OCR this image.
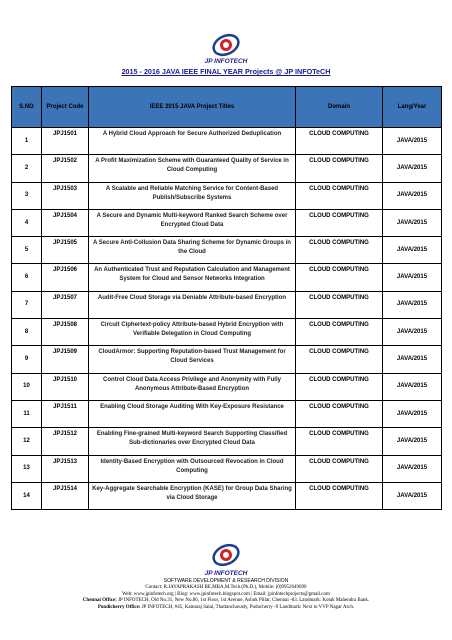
JP INFOTECH
2015 - 2016 JAVA IEEE FINAL YEAR Projects @ JP INFOTeCH
S.NO	Project Code	IEEE 2015 JAVA Project Titles	Domain	Lang/Year
1	JPJ1501	A Hybrid Cloud Approach for Secure Authorized Deduplication	CLOUD COMPUTING	JAVA/2015
2	JPJ1502	A Profit Maximization Scheme with Guaranteed Quality of Service in Cloud Computing	CLOUD COMPUTING	JAVA/2015
3	JPJ1503	A Scalable and Reliable Matching Service for Content-Based Publish/Subscribe Systems	CLOUD COMPUTING	JAVA/2015
4	JPJ1504	A Secure and Dynamic Multi-keyword Ranked Search Scheme over Encrypted Cloud Data	CLOUD COMPUTING	JAVA/2015
5	JPJ1505	A Secure Anti-Collusion Data Sharing Scheme for Dynamic Groups in the Cloud	CLOUD COMPUTING	JAVA/2015
6	JPJ1506	An Authenticated Trust and Reputation Calculation and Management System for Cloud and Sensor Networks Integration	CLOUD COMPUTING	JAVA/2015
7	JPJ1507	Audit-Free Cloud Storage via Deniable Attribute-based Encryption	CLOUD COMPUTING	JAVA/2015
8	JPJ1508	Circuit Ciphertext-policy Attribute-based Hybrid Encryption with Verifiable Delegation in Cloud Computing	CLOUD COMPUTING	JAVA/2015
9	JPJ1509	CloudArmor: Supporting Reputation-based Trust Management for Cloud Services	CLOUD COMPUTING	JAVA/2015
10	JPJ1510	Control Cloud Data Access Privilege and Anonymity with Fully Anonymous Attribute-Based Encryption	CLOUD COMPUTING	JAVA/2015
11	JPJ1511	Enabling Cloud Storage Auditing With Key-Exposure Resistance	CLOUD COMPUTING	JAVA/2015
12	JPJ1512	Enabling Fine-grained Multi-keyword Search Supporting Classified Sub-dictionaries over Encrypted Cloud Data	CLOUD COMPUTING	JAVA/2015
13	JPJ1513	Identity-Based Encryption with Outsourced Revocation in Cloud Computing	CLOUD COMPUTING	JAVA/2015
14	JPJ1514	Key-Aggregate Searchable Encryption (KASE) for Group Data Sharing via Cloud Storage	CLOUD COMPUTING	JAVA/2015
JP INFOTECH
SOFTWARE DEVELOPMENT & RESEARCH DIVISION
Contact: R.JAYAPRAKASH BE,MBA,M.Tech.(Ph.D.), Mobile: (0)9952649690
Web: www.jpinfotech.org | Blog: www.jpinfotech.blogspot.com | Email: jpinfotechprojects@gmail.com
Chennai Office: JP INFOTECH, Old No.31, New No.86, 1st Floor, 1st Avenue, Ashok Pillar, Chennai -83. Landmark: Kotak Mahendra Bank.
Pondicherry Office: JP INFOTECH, #45, Kamaraj Salai, Thattanchavady, Puducherry -9 Landmark: Next to VVP Nagar Arch.
